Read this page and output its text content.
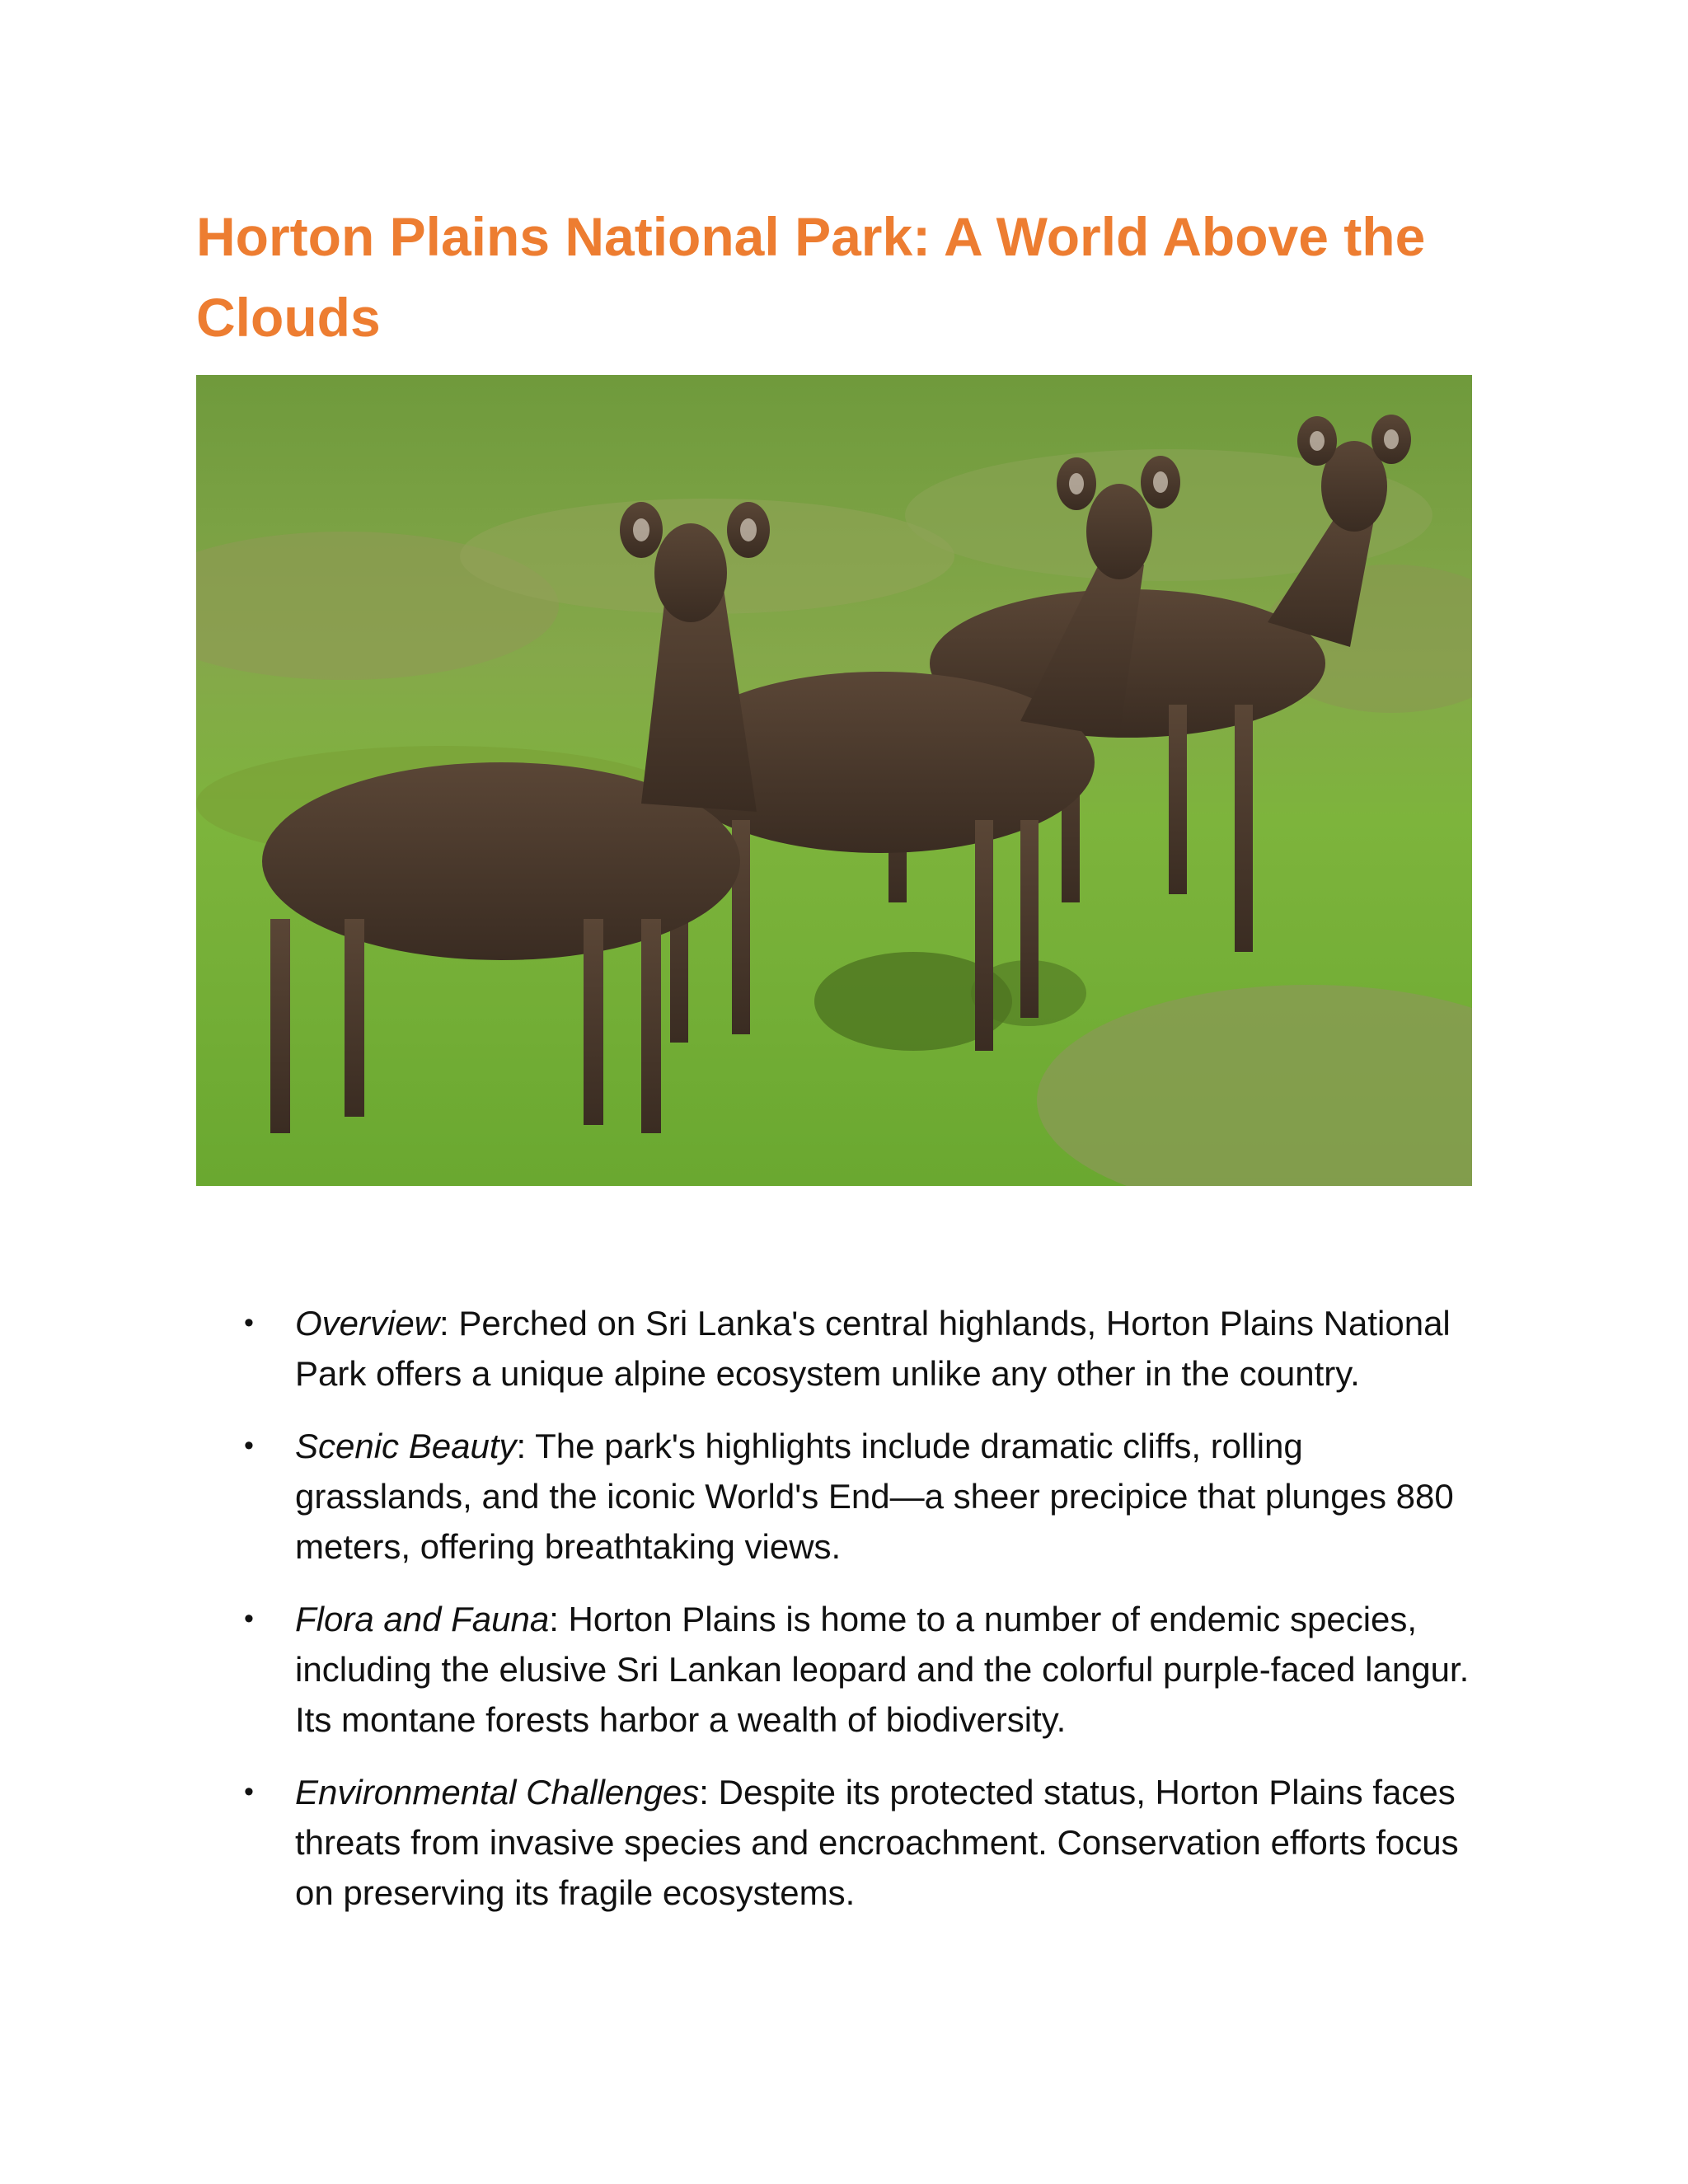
Horton Plains National Park: A World Above the Clouds
• Overview: Perched on Sri Lanka's central highlands, Horton Plains National Park offers a unique alpine ecosystem unlike any other in the country.
• Scenic Beauty: The park's highlights include dramatic cliffs, rolling grasslands, and the iconic World's End—a sheer precipice that plunges 880 meters, offering breathtaking views.
• Flora and Fauna: Horton Plains is home to a number of endemic species, including the elusive Sri Lankan leopard and the colorful purple-faced langur. Its montane forests harbor a wealth of biodiversity.
• Environmental Challenges: Despite its protected status, Horton Plains faces threats from invasive species and encroachment. Conservation efforts focus on preserving its fragile ecosystems.
